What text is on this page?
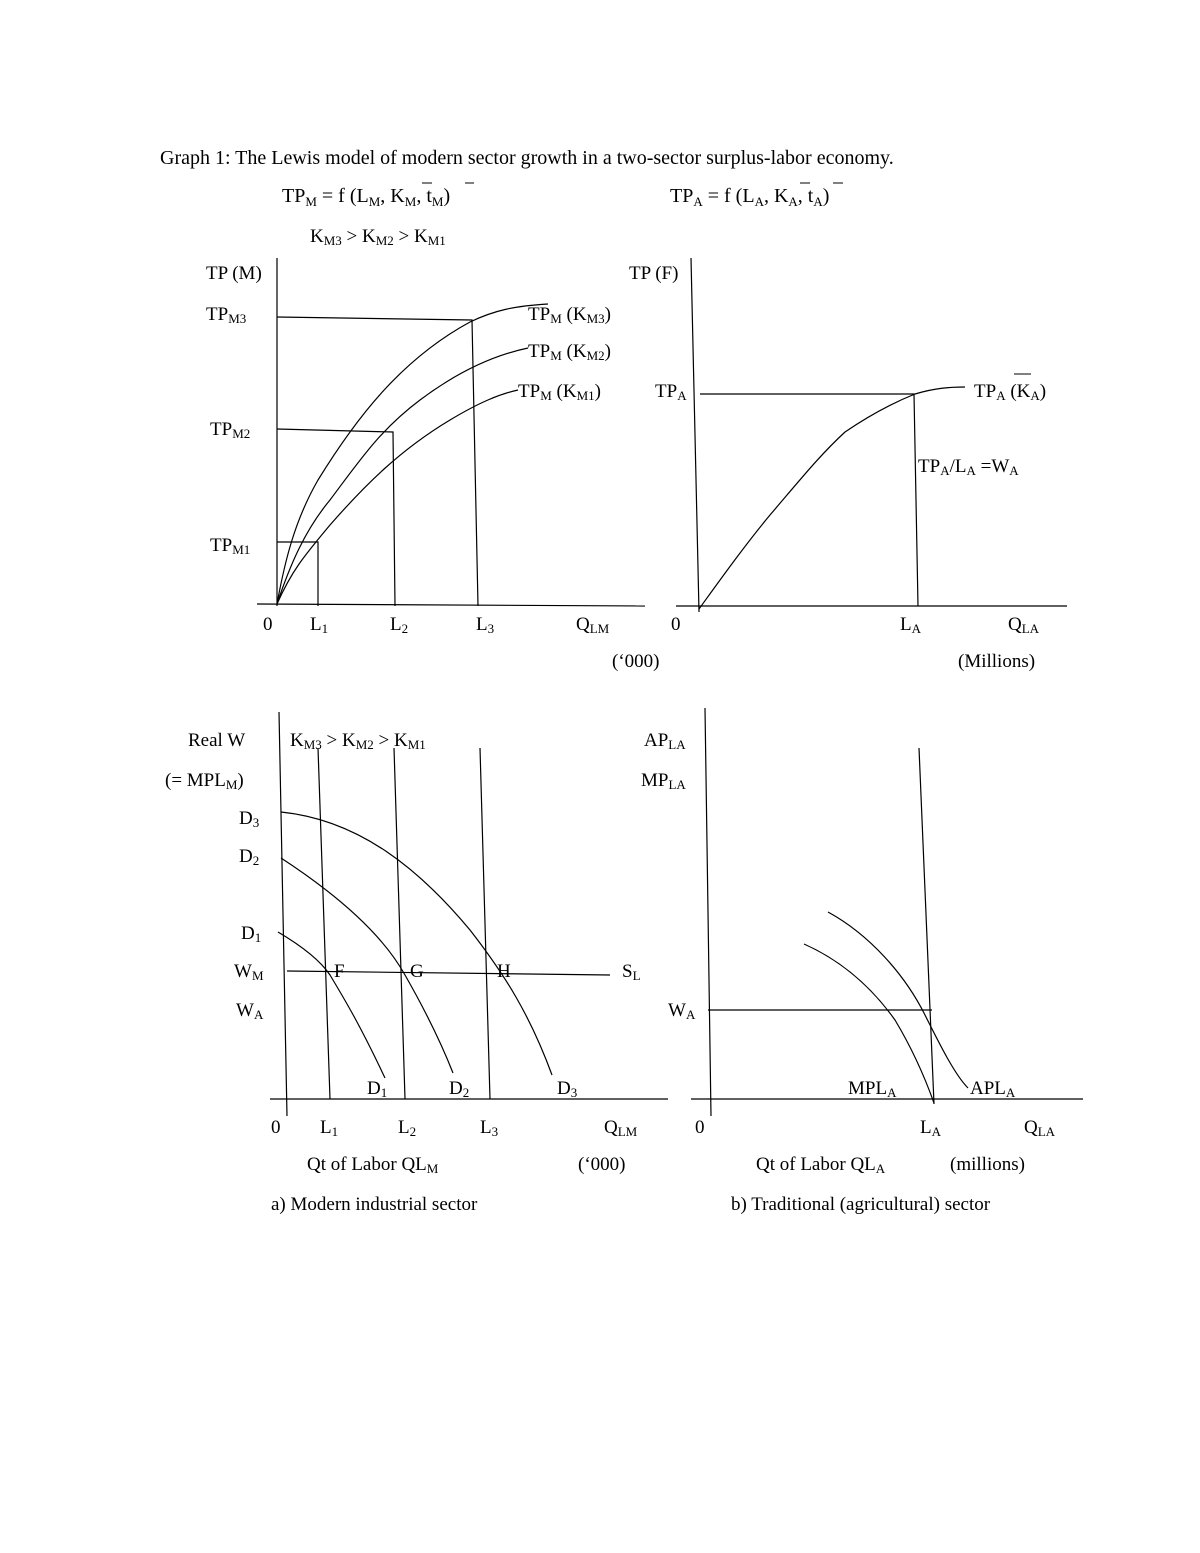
Graph 1: The Lewis model of modern sector growth in a two-sector surplus-labor economy.
$TP_M = f$ ($L_M$, $K_M$, $t_M$)	$TP_A = f$ ($L_A$, $K_A$, $t_A$)
KM3 > KM2 > KM1
TP (M)
TPM3
TPM2
TPM1
TPM (KM3)
TPM (KM2)
TPM (KM1)
0 L1	L2	L3	QLM
(‘000)
TP (F)
TPA	TPA (KA)
TPA/LA =WA
0	LA	QLA
(Millions)
Real W
(= MPLM)
KM3 > KM2 > KM1
D3
D2
D1
WM
WA
F	G	H	SL
D1	D2	D3
0 L1	L2	L3	QLM
Qt of Labor QLM	(‘000)
a) Modern industrial sector
APLA
MPLA
WA
MPLA	APLA
0	LA	QLA
Qt of Labor QLA	(millions)
b) Traditional (agricultural) sector
